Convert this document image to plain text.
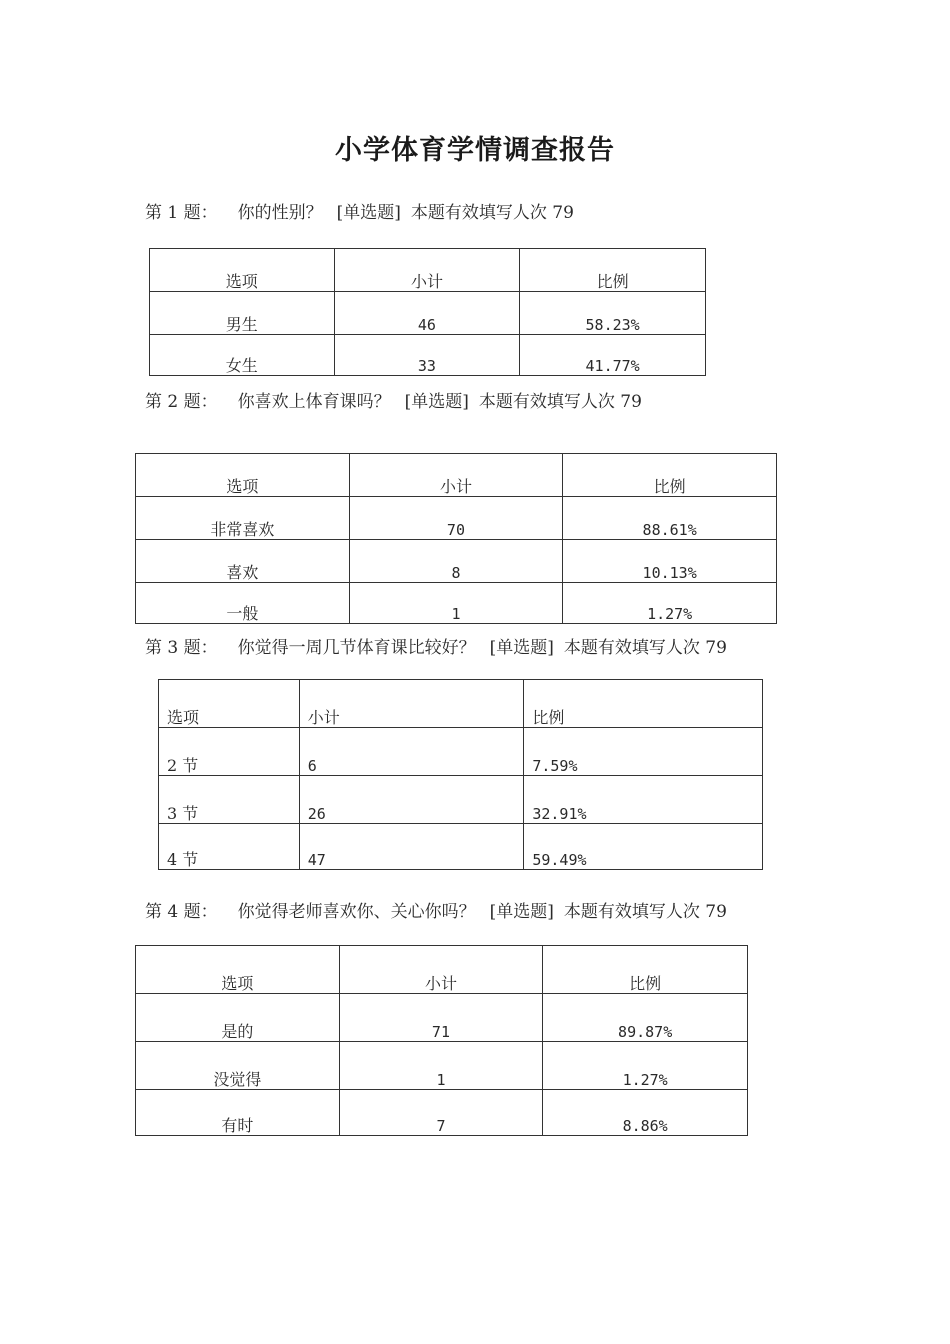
小学体育学情调查报告
第 1 题： 你的性别？ [单选题] 本题有效填写人次 79
选项	小计	比例
男生	46	58.23%
女生	33	41.77%
第 2 题： 你喜欢上体育课吗？ [单选题] 本题有效填写人次 79
选项	小计	比例
非常喜欢	70	88.61%
喜欢	8	10.13%
一般	1	1.27%
第 3 题： 你觉得一周几节体育课比较好？ [单选题] 本题有效填写人次 79
选项	小计	比例
2 节	6	7.59%
3 节	26	32.91%
4 节	47	59.49%
第 4 题： 你觉得老师喜欢你、关心你吗？ [单选题] 本题有效填写人次 79
选项	小计	比例
是的	71	89.87%
没觉得	1	1.27%
有时	7	8.86%
